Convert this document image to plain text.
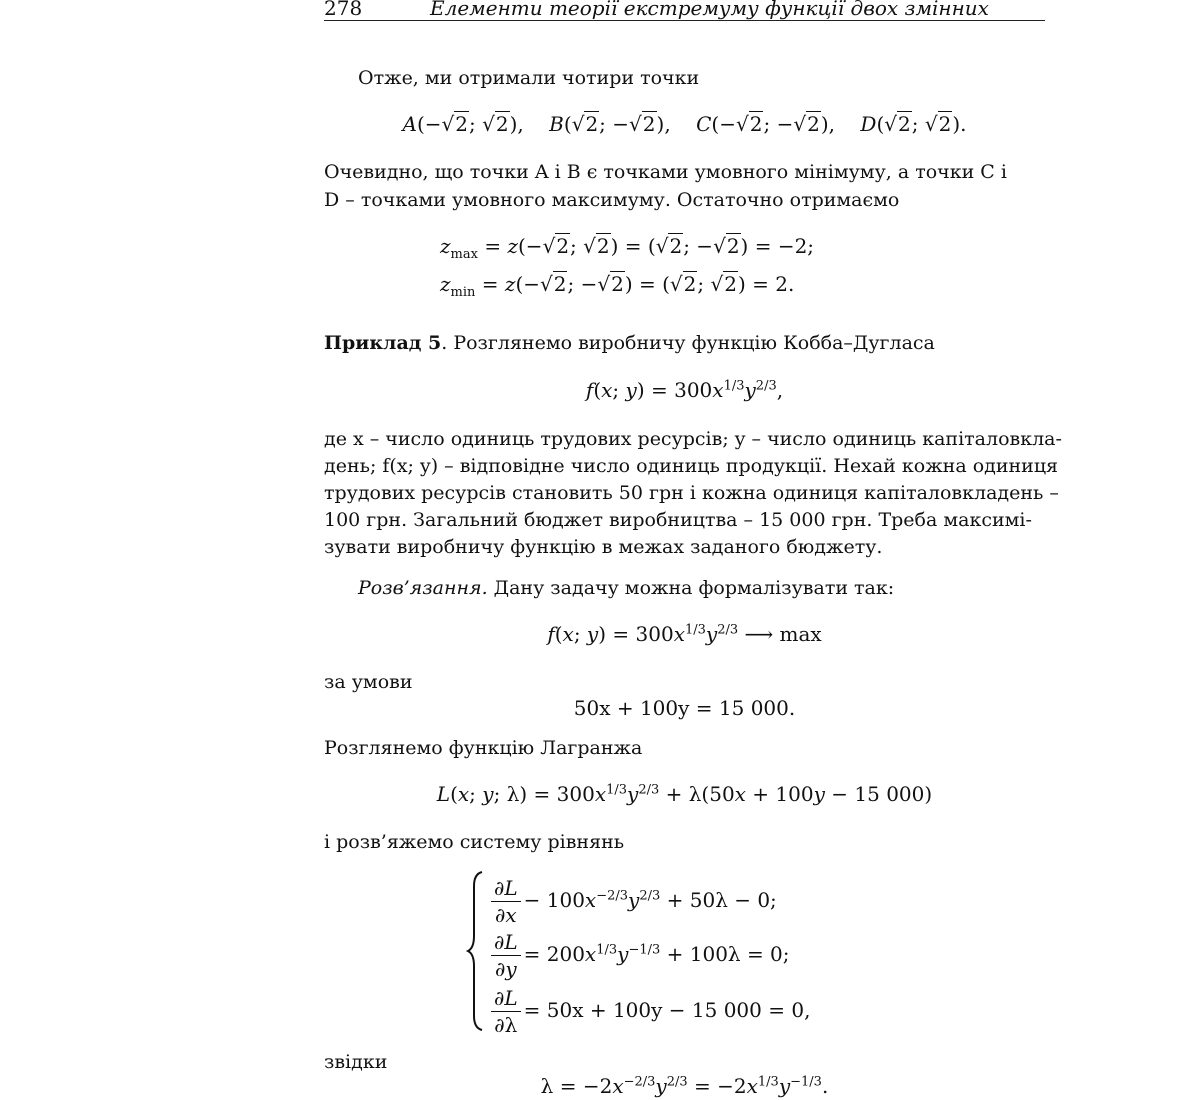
278	Елементи теорії екстремуму функції двох змінних
Отже, ми отримали чотири точки
A(−√2; √2),    B(√2; −√2),    C(−√2; −√2),    D(√2; √2).
Очевидно, що точки A і B є точками умовного мінімуму, а точки C і
D – точками умовного максимуму. Остаточно отримаємо
$z_{max} = z(-√2$; √2) = (√2; −√2) = −2;
$z_{min} = z(-√2$; −√2) = (√2; √2) = 2.
Приклад 5. Розглянемо виробничу функцію Кобба–Дугласа
f(x; $y) = 300x^{1/3}y^{2/3}$,
де x – число одиниць трудових ресурсів; y – число одиниць капіталовкла-
день; f(x; y) – відповідне число одиниць продукції. Нехай кожна одиниця
трудових ресурсів становить 50 грн і кожна одиниця капіталовкладень –
100 грн. Загальний бюджет виробництва – 15 000 грн. Треба максимі-
зувати виробничу функцію в межах заданого бюджету.
Розв’язання. Дану задачу можна формалізувати так:
f(x; $y) = 300x^{1/3}y^{2/3}$ ⟶ max
за умови
50x + 100y = 15 000.
Розглянемо функцію Лагранжа
L(x; y; $\lambda) = 300x^{1/3}y^{2/3} + \lambda(50x + 100y - 15$ 000)
і розв’яжемо систему рівнянь
$\frac{\partial L}{\partial x} - 100x^{-2/3}y^{2/3} + 50\lambda - 0$;
$\frac{\partial L}{\partial y} = 200x^{1/3}y^{-1/3} + 100\lambda = 0$;
$\frac{\partial L}{\partial\lambda} = 50x + 100y - 15$ 000 = 0,
звідки
$\lambda = -2x^{-2/3}y^{2/3} = -2x^{1/3}y^{-1/3}$.
